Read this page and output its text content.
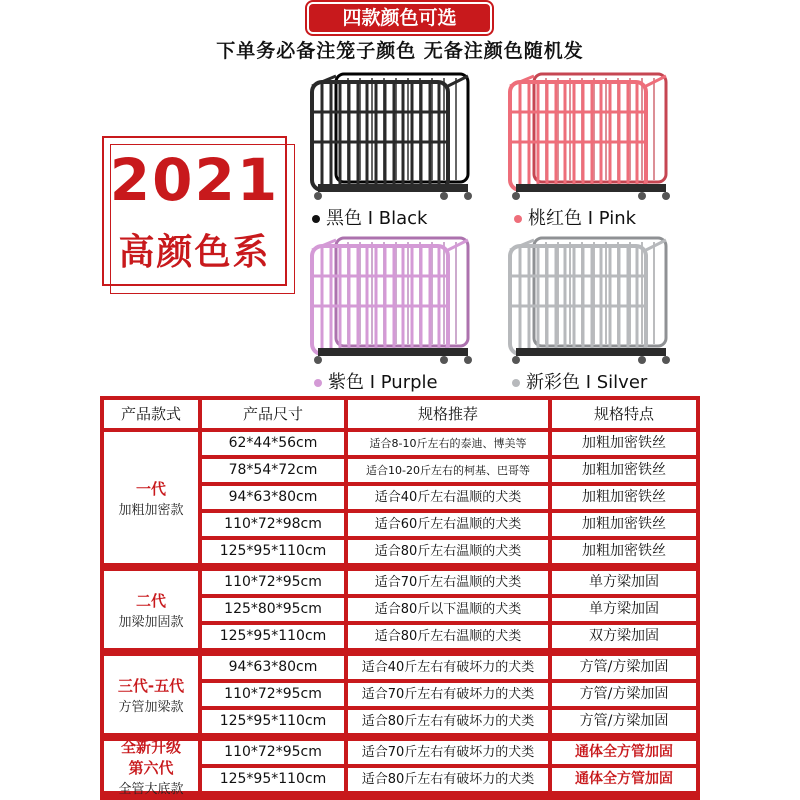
四款颜色可选
下单务必备注笼子颜色 无备注颜色随机发
2021
高颜色系
黑色 I Black	桃红色 I Pink
紫色 I Purple	新彩色 I Silver
产品款式	产品尺寸	规格推荐	规格特点
一代
加粗加密款
62*44*56cm	适合8-10斤左右的泰迪、博美等	加粗加密铁丝
78*54*72cm	适合10-20斤左右的柯基、巴哥等	加粗加密铁丝
94*63*80cm	适合40斤左右温顺的犬类	加粗加密铁丝
110*72*98cm	适合60斤左右温顺的犬类	加粗加密铁丝
125*95*110cm	适合80斤左右温顺的犬类	加粗加密铁丝
二代
加梁加固款
110*72*95cm	适合70斤左右温顺的犬类	单方梁加固
125*80*95cm	适合80斤以下温顺的犬类	单方梁加固
125*95*110cm	适合80斤左右温顺的犬类	双方梁加固
三代-五代
方管加梁款
94*63*80cm	适合40斤左右有破坏力的犬类	方管/方梁加固
110*72*95cm	适合70斤左右有破坏力的犬类	方管/方梁加固
125*95*110cm	适合80斤左右有破坏力的犬类	方管/方梁加固
全新升级
第六代
全管大底款
110*72*95cm	适合70斤左右有破坏力的犬类	通体全方管加固
125*95*110cm	适合80斤左右有破坏力的犬类	通体全方管加固
